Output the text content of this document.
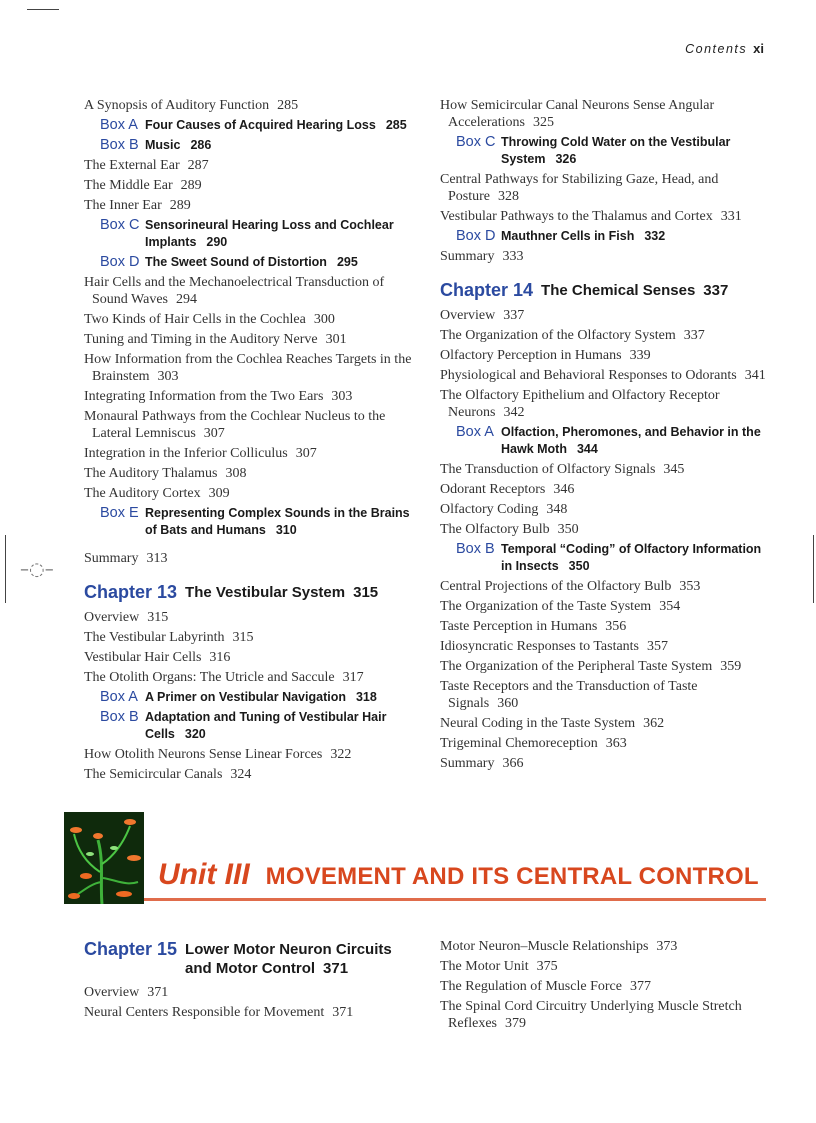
–◌–
Contents xi
A Synopsis of Auditory Function 285
Box A Four Causes of Acquired Hearing Loss 285
Box B Music 286
The External Ear 287
The Middle Ear 289
The Inner Ear 289
Box C Sensorineural Hearing Loss and Cochlear Implants 290
Box D The Sweet Sound of Distortion 295
Hair Cells and the Mechanoelectrical Transduction of Sound Waves 294
Two Kinds of Hair Cells in the Cochlea 300
Tuning and Timing in the Auditory Nerve 301
How Information from the Cochlea Reaches Targets in the Brainstem 303
Integrating Information from the Two Ears 303
Monaural Pathways from the Cochlear Nucleus to the Lateral Lemniscus 307
Integration in the Inferior Colliculus 307
The Auditory Thalamus 308
The Auditory Cortex 309
Box E Representing Complex Sounds in the Brains of Bats and Humans 310
Summary 313
Chapter 13 The Vestibular System 315
Overview 315
The Vestibular Labyrinth 315
Vestibular Hair Cells 316
The Otolith Organs: The Utricle and Saccule 317
Box A A Primer on Vestibular Navigation 318
Box B Adaptation and Tuning of Vestibular Hair Cells 320
How Otolith Neurons Sense Linear Forces 322
The Semicircular Canals 324
How Semicircular Canal Neurons Sense Angular Accelerations 325
Box C Throwing Cold Water on the Vestibular System 326
Central Pathways for Stabilizing Gaze, Head, and Posture 328
Vestibular Pathways to the Thalamus and Cortex 331
Box D Mauthner Cells in Fish 332
Summary 333
Chapter 14 The Chemical Senses 337
Overview 337
The Organization of the Olfactory System 337
Olfactory Perception in Humans 339
Physiological and Behavioral Responses to Odorants 341
The Olfactory Epithelium and Olfactory Receptor Neurons 342
Box A Olfaction, Pheromones, and Behavior in the Hawk Moth 344
The Transduction of Olfactory Signals 345
Odorant Receptors 346
Olfactory Coding 348
The Olfactory Bulb 350
Box B Temporal “Coding” of Olfactory Information in Insects 350
Central Projections of the Olfactory Bulb 353
The Organization of the Taste System 354
Taste Perception in Humans 356
Idiosyncratic Responses to Tastants 357
The Organization of the Peripheral Taste System 359
Taste Receptors and the Transduction of Taste Signals 360
Neural Coding in the Taste System 362
Trigeminal Chemoreception 363
Summary 366
Unit III MOVEMENT AND ITS CENTRAL CONTROL
Chapter 15 Lower Motor Neuron Circuits and Motor Control 371
Overview 371
Neural Centers Responsible for Movement 371
Motor Neuron–Muscle Relationships 373
The Motor Unit 375
The Regulation of Muscle Force 377
The Spinal Cord Circuitry Underlying Muscle Stretch Reflexes 379
